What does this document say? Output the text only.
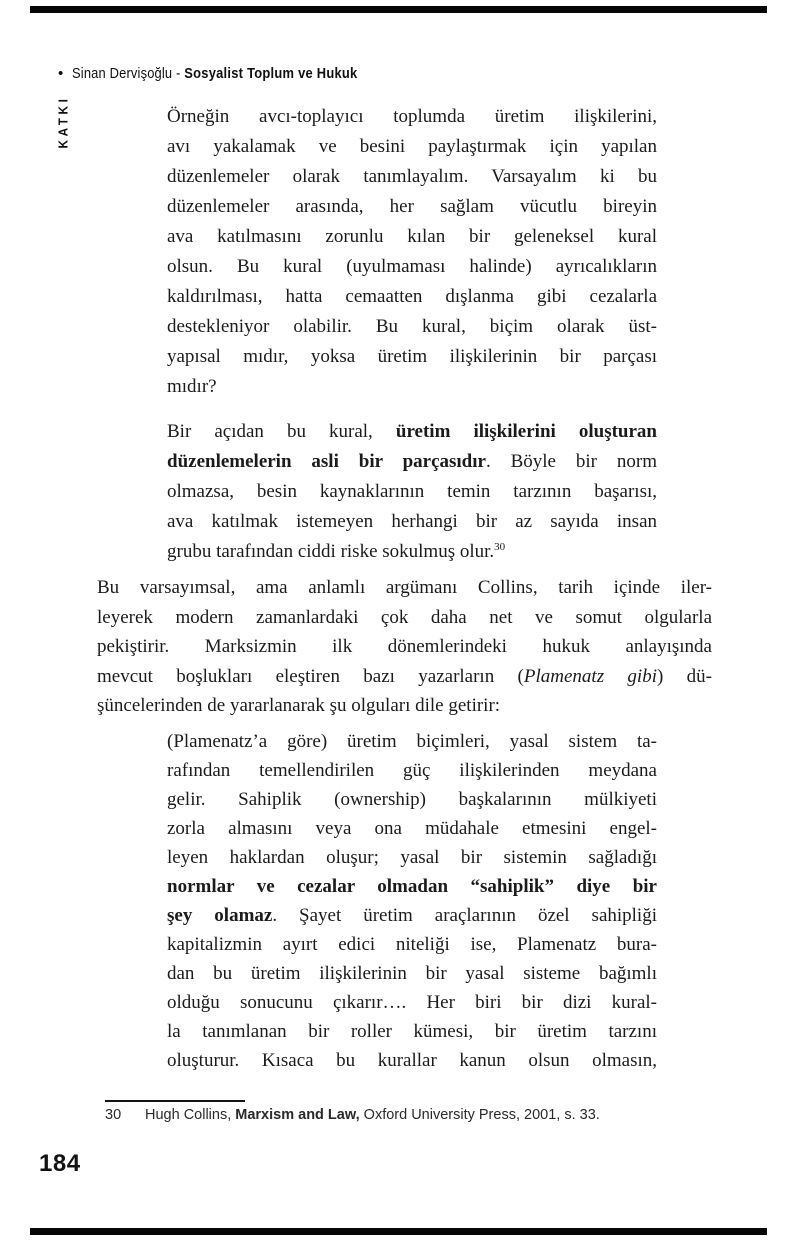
• Sinan Dervişoğlu - Sosyalist Toplum ve Hukuk
KATKI	Örneğin avcı-toplayıcı toplumda üretim ilişkilerini,
avı yakalamak ve besini paylaştırmak için yapılan
düzenlemeler olarak tanımlayalım. Varsayalım ki bu
düzenlemeler arasında, her sağlam vücutlu bireyin
ava katılmasını zorunlu kılan bir geleneksel kural
olsun. Bu kural (uyulmaması halinde) ayrıcalıkların
kaldırılması, hatta cemaatten dışlanma gibi cezalarla
destekleniyor olabilir. Bu kural, biçim olarak üst-
yapısal mıdır, yoksa üretim ilişkilerinin bir parçası
mıdır?
Bir açıdan bu kural, üretim ilişkilerini oluşturan
düzenlemelerin asli bir parçasıdır. Böyle bir norm
olmazsa, besin kaynaklarının temin tarzının başarısı,
ava katılmak istemeyen herhangi bir az sayıda insan
grubu tarafından ciddi riske sokulmuş olur.$^{30}$
Bu varsayımsal, ama anlamlı argümanı Collins, tarih içinde iler-
leyerek modern zamanlardaki çok daha net ve somut olgularla
pekiştirir. Marksizmin ilk dönemlerindeki hukuk anlayışında
mevcut boşlukları eleştiren bazı yazarların (Plamenatz gibi) dü-
şüncelerinden de yararlanarak şu olguları dile getirir:
(Plamenatz’a göre) üretim biçimleri, yasal sistem ta-
rafından temellendirilen güç ilişkilerinden meydana
gelir. Sahiplik (ownership) başkalarının mülkiyeti
zorla almasını veya ona müdahale etmesini engel-
leyen haklardan oluşur; yasal bir sistemin sağladığı
normlar ve cezalar olmadan “sahiplik” diye bir
şey olamaz. Şayet üretim araçlarının özel sahipliği
kapitalizmin ayırt edici niteliği ise, Plamenatz bura-
dan bu üretim ilişkilerinin bir yasal sisteme bağımlı
olduğu sonucunu çıkarır…. Her biri bir dizi kural-
la tanımlanan bir roller kümesi, bir üretim tarzını
oluşturur. Kısaca bu kurallar kanun olsun olmasın,
30 Hugh Collins, Marxism and Law, Oxford University Press, 2001, s. 33.
184
